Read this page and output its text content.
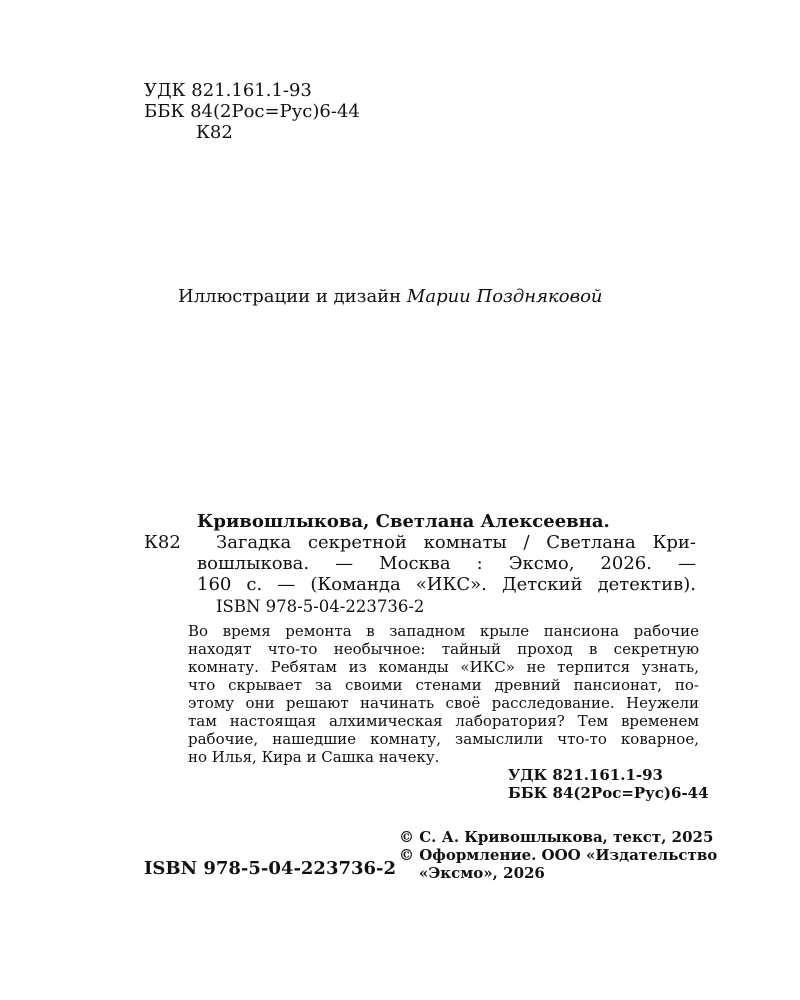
УДК 821.161.1-93
ББК 84(2Рос=Рус)6-44
К82
Иллюстрации и дизайн Марии Поздняковой
Кривошлыкова, Светлана Алексеевна.
К82 Загадка секретной комнаты / Светлана Кри-
вошлыкова. — Москва : Эксмо, 2026. —
160 с. — (Команда «ИКС». Детский детектив).
ISBN 978-5-04-223736-2
Во время ремонта в западном крыле пансиона рабочие
находят что-то необычное: тайный проход в секретную
комнату. Ребятам из команды «ИКС» не терпится узнать,
что скрывает за своими стенами древний пансионат, по-
этому они решают начинать своё расследование. Неужели
там настоящая алхимическая лаборатория? Тем временем
рабочие, нашедшие комнату, замыслили что-то коварное,
но Илья, Кира и Сашка начеку.
УДК 821.161.1-93
ББК 84(2Рос=Рус)6-44
ISBN 978-5-04-223736-2
© С. А. Кривошлыкова, текст, 2025
© Оформление. ООО «Издательство
«Эксмо», 2026
